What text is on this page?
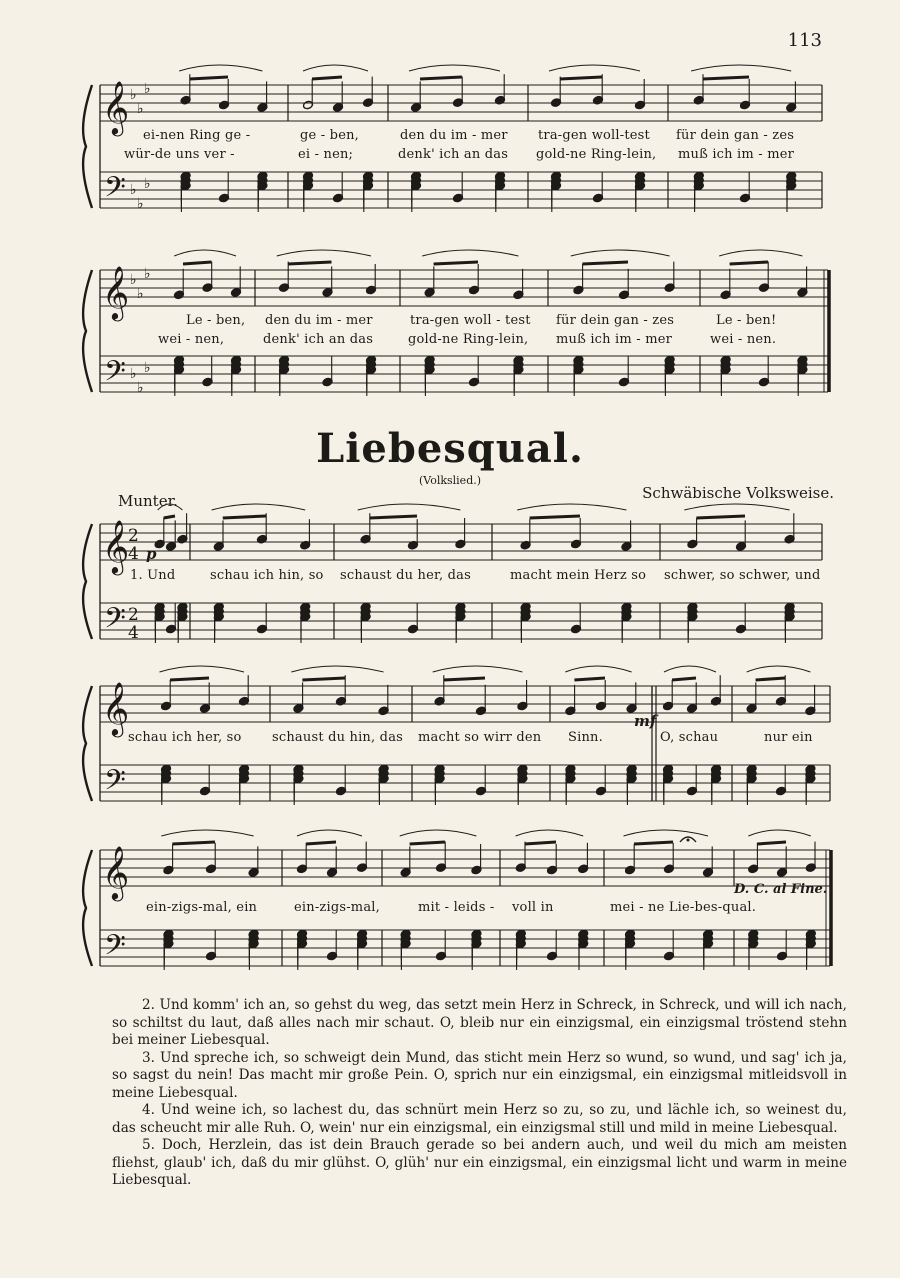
113
𝄞
𝄢
♭
♭
♭
♭
♭
♭
𝄞
𝄢
♭
♭
♭
♭
♭
♭
𝄞
𝄢
2
4
2
4
𝄞
𝄢
𝄞
𝄢
ei-nen Ring ge -	ge - ben,	den du im - mer tra-gen woll-test für dein gan - zes
wür-de uns ver -	ei - nen;	denk' ich an das gold-ne Ring-lein, muß ich im - mer
Le - ben, den du im - mer	tra-gen woll - test für dein gan - zes	Le - ben!
wei - nen,	denk' ich an das	gold-ne Ring-lein, muß ich im - mer	wei - nen.
Liebesqual.
(Volkslied.)
Munter.	Schwäbische Volksweise.
p
mf
1. Und	schau ich hin, so schaust du her, das	macht mein Herz so schwer, so schwer, und
schau ich her, so schaust du hin, das macht so wirr den Sinn.	O, schau	nur ein
ein-zigs-mal, ein	ein-zigs-mal,	mit - leids - voll in	mei - ne Lie-bes-qual.
D. C. al Fine.

2. Und komm' ich an, so gehst du weg, das setzt mein Herz in Schreck, in Schreck, und will ich nach, so schiltst du laut, daß alles nach mir schaut. O, bleib nur ein einzigsmal, ein einzigsmal tröstend stehn bei meiner Liebesqual.

3. Und spreche ich, so schweigt dein Mund, das sticht mein Herz so wund, so wund, und sag' ich ja, so sagst du nein! Das macht mir große Pein. O, sprich nur ein einzigsmal, ein einzigsmal mitleidsvoll in meine Liebesqual.

4. Und weine ich, so lachest du, das schnürt mein Herz so zu, so zu, und lächle ich, so weinest du, das scheucht mir alle Ruh. O, wein' nur ein einzigsmal, ein einzigsmal still und mild in meine Liebesqual.

5. Doch, Herzlein, das ist dein Brauch gerade so bei andern auch, und weil du mich am meisten fliehst, glaub' ich, daß du mir glühst. O, glüh' nur ein einzigsmal, ein einzigsmal licht und warm in meine Liebesqual.
